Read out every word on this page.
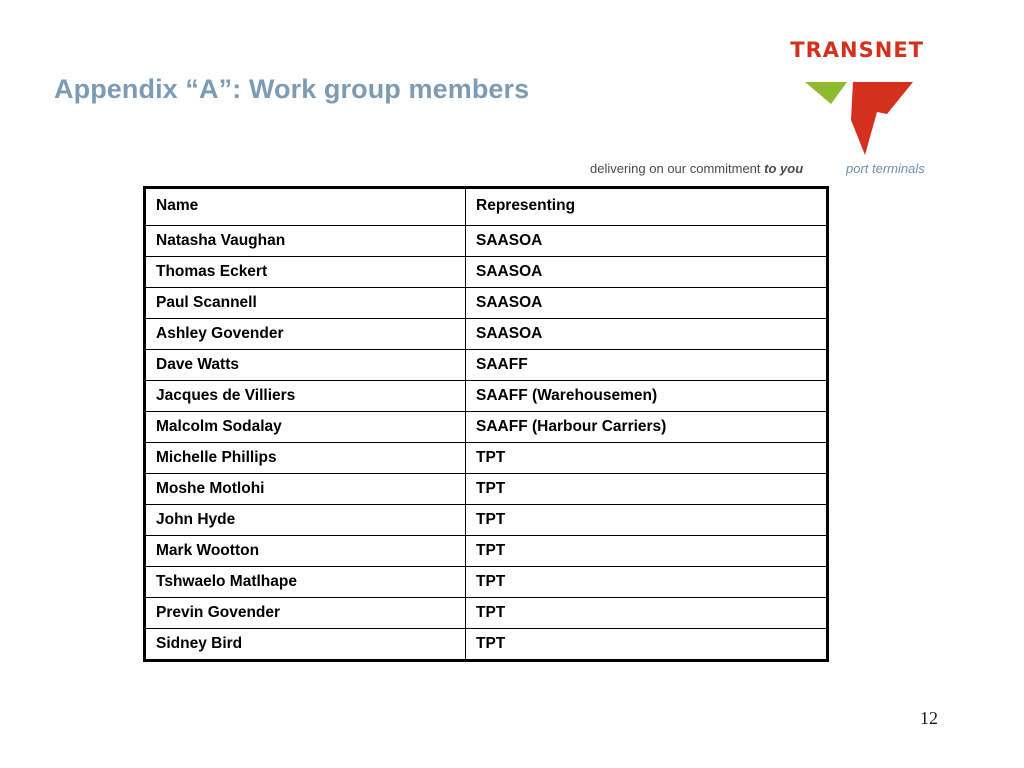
Appendix “A”: Work group members
TRANSNET
delivering on our commitment to you	port terminals
Name	Representing
Natasha Vaughan	SAASOA
Thomas Eckert	SAASOA
Paul Scannell	SAASOA
Ashley Govender	SAASOA
Dave Watts	SAAFF
Jacques de Villiers	SAAFF (Warehousemen)
Malcolm Sodalay	SAAFF (Harbour Carriers)
Michelle Phillips	TPT
Moshe Motlohi	TPT
John Hyde	TPT
Mark Wootton	TPT
Tshwaelo Matlhape	TPT
Previn Govender	TPT
Sidney Bird	TPT
12
